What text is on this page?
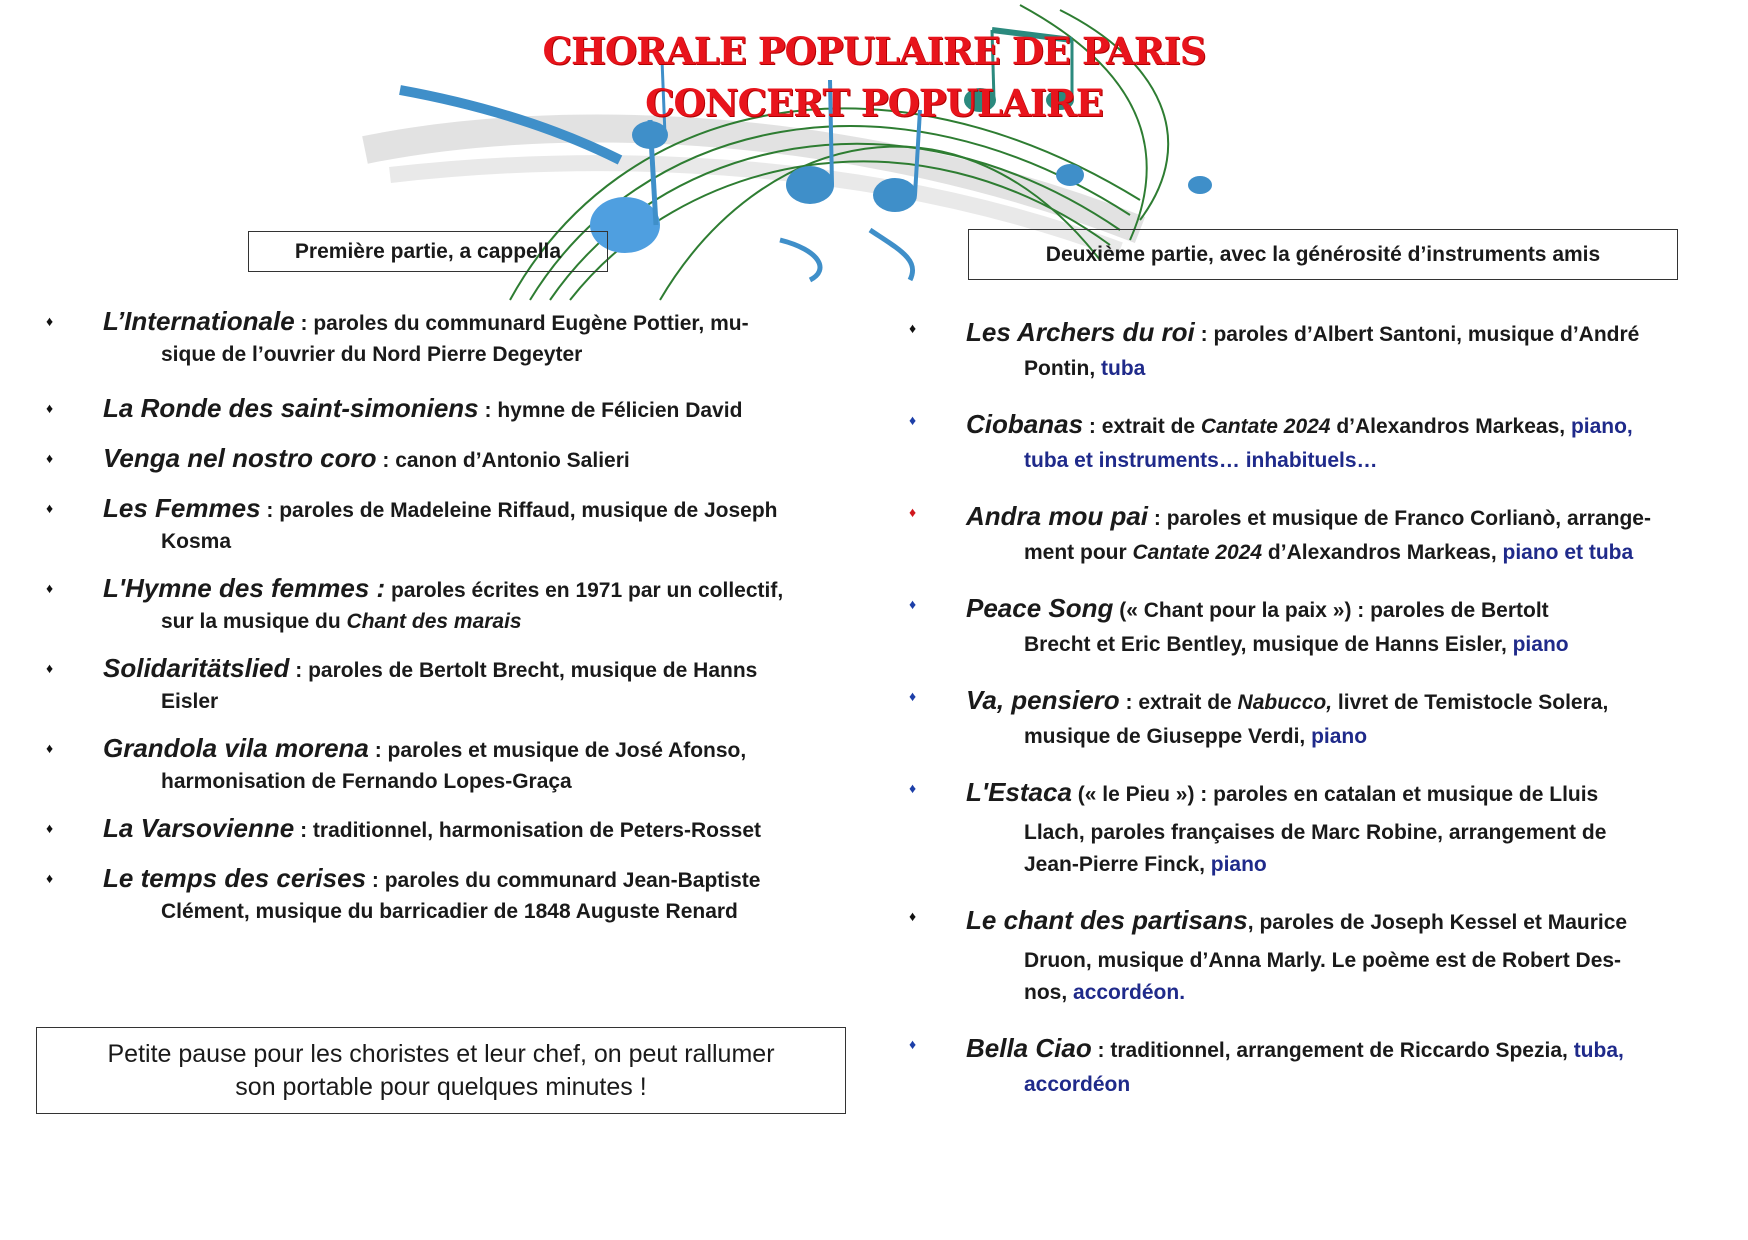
CHORALE POPULAIRE DE PARIS
CONCERT POPULAIRE
Première partie, a cappella	Deuxième partie, avec la générosité d’instruments amis
♦ L’Internationale : paroles du communard Eugène Pottier, mu-
sique de l’ouvrier du Nord Pierre Degeyter
♦ La Ronde des saint-simoniens : hymne de Félicien David
♦ Venga nel nostro coro : canon d’Antonio Salieri
♦ Les Femmes : paroles de Madeleine Riffaud, musique de Joseph
Kosma
♦ L'Hymne des femmes : paroles écrites en 1971 par un collectif,
sur la musique du Chant des marais
♦ Solidaritätslied : paroles de Bertolt Brecht, musique de Hanns
Eisler
♦ Grandola vila morena : paroles et musique de José Afonso,
harmonisation de Fernando Lopes-Graça
♦ La Varsovienne : traditionnel, harmonisation de Peters-Rosset
♦ Le temps des cerises : paroles du communard Jean-Baptiste
Clément, musique du barricadier de 1848 Auguste Renard
Petite pause pour les choristes et leur chef, on peut rallumer
son portable pour quelques minutes !
♦ Les Archers du roi : paroles d’Albert Santoni, musique d’André
Pontin, tuba
♦ Ciobanas : extrait de Cantate 2024 d’Alexandros Markeas, piano,
tuba et instruments… inhabituels…
♦ Andra mou pai : paroles et musique de Franco Corlianò, arrange-
ment pour Cantate 2024 d’Alexandros Markeas, piano et tuba
♦ Peace Song (« Chant pour la paix ») : paroles de Bertolt
Brecht et Eric Bentley, musique de Hanns Eisler, piano
♦ Va, pensiero : extrait de Nabucco, livret de Temistocle Solera,
musique de Giuseppe Verdi, piano
♦ L'Estaca (« le Pieu ») : paroles en catalan et musique de Lluis
Llach, paroles françaises de Marc Robine, arrangement de
Jean-Pierre Finck, piano
♦ Le chant des partisans, paroles de Joseph Kessel et Maurice
Druon, musique d’Anna Marly. Le poème est de Robert Des-
nos, accordéon.
♦ Bella Ciao : traditionnel, arrangement de Riccardo Spezia, tuba,
accordéon
